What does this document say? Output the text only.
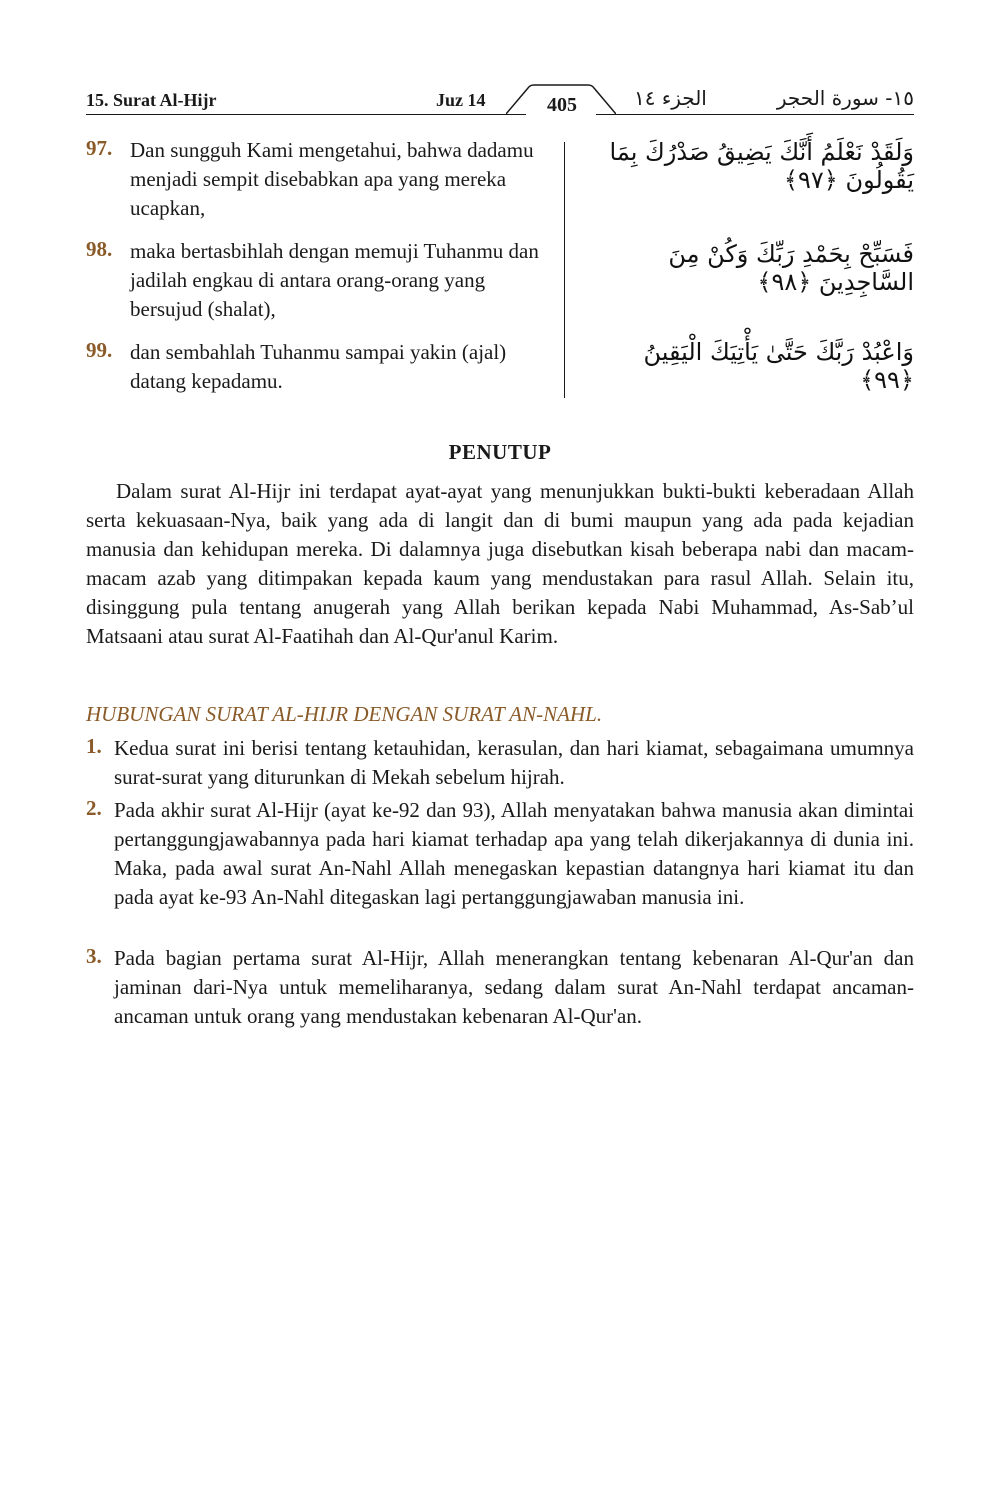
15. Surat Al-Hijr	Juz 14	405	الجزء ١٤	١٥- سورة الحجر
97. Dan sungguh Kami mengetahui, bahwa dadamu menjadi sempit disebabkan apa yang mereka ucapkan,
وَلَقَدْ نَعْلَمُ أَنَّكَ يَضِيقُ صَدْرُكَ بِمَا يَقُولُونَ ﴿٩٧﴾
98. maka bertasbihlah dengan memuji Tuhanmu dan jadilah engkau di antara orang-orang yang bersujud (shalat),
فَسَبِّحْ بِحَمْدِ رَبِّكَ وَكُنْ مِنَ السَّاجِدِينَ ﴿٩٨﴾
99. dan sembahlah Tuhanmu sampai yakin (ajal) datang kepadamu.
وَاعْبُدْ رَبَّكَ حَتَّىٰ يَأْتِيَكَ الْيَقِينُ ﴿٩٩﴾
PENUTUP
Dalam surat Al-Hijr ini terdapat ayat-ayat yang menunjukkan bukti-bukti keberadaan Allah serta kekuasaan-Nya, baik yang ada di langit dan di bumi maupun yang ada pada kejadian manusia dan kehidupan mereka. Di dalamnya juga disebutkan kisah beberapa nabi dan macam-macam azab yang ditimpakan kepada kaum yang mendustakan para rasul Allah. Selain itu, disinggung pula tentang anugerah yang Allah berikan kepada Nabi Muhammad, As-Sab’ul Matsaani atau surat Al-Faatihah dan Al-Qur'anul Karim.
HUBUNGAN SURAT AL-HIJR DENGAN SURAT AN-NAHL.
1. Kedua surat ini berisi tentang ketauhidan, kerasulan, dan hari kiamat, sebagaimana umumnya surat-surat yang diturunkan di Mekah sebelum hijrah.
2. Pada akhir surat Al-Hijr (ayat ke-92 dan 93), Allah menyatakan bahwa manusia akan dimintai pertanggungjawabannya pada hari kiamat terhadap apa yang telah dikerjakannya di dunia ini. Maka, pada awal surat An-Nahl Allah menegaskan kepastian datangnya hari kiamat itu dan pada ayat ke-93 An-Nahl ditegaskan lagi pertanggungjawaban manusia ini.
3. Pada bagian pertama surat Al-Hijr, Allah menerangkan tentang kebenaran Al-Qur'an dan jaminan dari-Nya untuk memeliharanya, sedang dalam surat An-Nahl terdapat ancaman-ancaman untuk orang yang mendustakan kebenaran Al-Qur'an.
